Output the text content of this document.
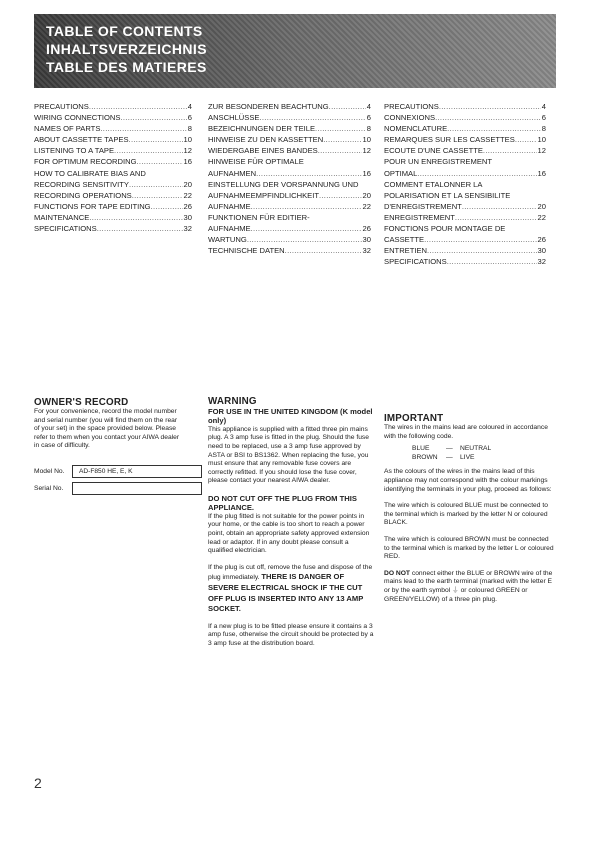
TABLE OF CONTENTS
INHALTSVERZEICHNIS
TABLE DES MATIERES
PRECAUTIONS .....	4
WIRING CONNECTIONS .....	6
NAMES OF PARTS .....	8
ABOUT CASSETTE TAPES .....	10
LISTENING TO A TAPE .....	12
FOR OPTIMUM RECORDING .....	16
HOW TO CALIBRATE BIAS AND
RECORDING SENSITIVITY .....	20
RECORDING OPERATIONS .....	22
FUNCTIONS FOR TAPE EDITING .....	26
MAINTENANCE .....	30
SPECIFICATIONS .....	32
ZUR BESONDEREN BEACHTUNG .....	4
ANSCHLÜSSE .....	6
BEZEICHNUNGEN DER TEILE .....	8
HINWEISE ZU DEN KASSETTEN .....	10
WIEDERGABE EINES BANDES .....	12
HINWEISE FÜR OPTIMALE
AUFNAHMEN .....	16
EINSTELLUNG DER VORSPANNUNG UND
AUFNAHMEEMPFINDLICHKEIT .....	20
AUFNAHME .....	22
FUNKTIONEN FÜR EDITIER-
AUFNAHME .....	26
WARTUNG .....	30
TECHNISCHE DATEN .....	32
PRECAUTIONS .....	4
CONNEXIONS .....	6
NOMENCLATURE .....	8
REMARQUES SUR LES CASSETTES .....	10
ECOUTE D'UNE CASSETTE .....	12
POUR UN ENREGISTREMENT
OPTIMAL .....	16
COMMENT ETALONNER LA
POLARISATION ET LA SENSIBILITE
D'ENREGISTREMENT .....	20
ENREGISTREMENT .....	22
FONCTIONS POUR MONTAGE DE
CASSETTE .....	26
ENTRETIEN .....	30
SPECIFICATIONS .....	32
OWNER'S RECORD

For your convenience, record the model number and serial number (you will find them on the rear of your set) in the space provided below. Please refer to them when you contact your AIWA dealer in case of difficulty.

Model No.	AD-F850 HE, E, K
Serial No.
WARNING

FOR USE IN THE UNITED KINGDOM (K model only)

This appliance is supplied with a fitted three pin mains plug. A 3 amp fuse is fitted in the plug. Should the fuse need to be replaced, use a 3 amp fuse approved by ASTA or BSI to BS1362. When replacing the fuse, you must ensure that any removable fuse covers are correctly refitted. If you should lose the fuse cover, please contact your nearest AIWA dealer.

DO NOT CUT OFF THE PLUG FROM THIS APPLIANCE.

If the plug fitted is not suitable for the power points in your home, or the cable is too short to reach a power point, obtain an appropriate safety approved extension lead or adaptor. If in any doubt please consult a qualified electrician.

If the plug is cut off, remove the fuse and dispose of the plug immediately. THERE IS DANGER OF SEVERE ELECTRICAL SHOCK IF THE CUT OFF PLUG IS INSERTED INTO ANY 13 AMP SOCKET.

If a new plug is to be fitted please ensure it contains a 3 amp fuse, otherwise the circuit should be protected by a 3 amp fuse at the distribution board.

IMPORTANT

The wires in the mains lead are coloured in accordance with the following code.

BLUE	—	NEUTRAL
BROWN	—	LIVE

As the colours of the wires in the mains lead of this appliance may not correspond with the colour markings identifying the terminals in your plug, proceed as follows:

The wire which is coloured BLUE must be connected to the terminal which is marked by the letter N or coloured BLACK.

The wire which is coloured BROWN must be connected to the terminal which is marked by the letter L or coloured RED.

DO NOT connect either the BLUE or BROWN wire of the mains lead to the earth terminal (marked with the letter E or by the earth symbol ⏚ or coloured GREEN or GREEN/YELLOW) of a three pin plug.

2
